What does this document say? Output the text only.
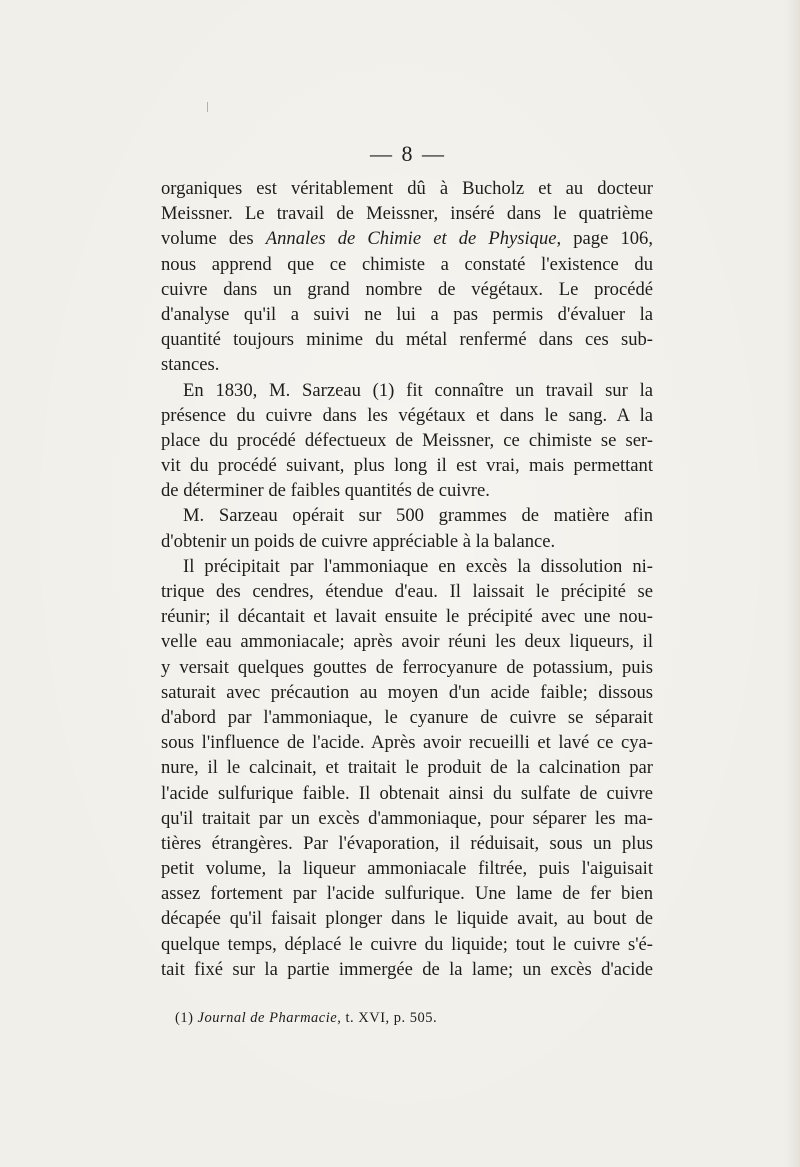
— 8 —
organiques est véritablement dû à Bucholz et au docteur
Meissner. Le travail de Meissner, inséré dans le quatrième
volume des Annales de Chimie et de Physique, page 106,
nous apprend que ce chimiste a constaté l'existence du
cuivre dans un grand nombre de végétaux. Le procédé
d'analyse qu'il a suivi ne lui a pas permis d'évaluer la
quantité toujours minime du métal renfermé dans ces sub-
stances.
En 1830, M. Sarzeau (1) fit connaître un travail sur la
présence du cuivre dans les végétaux et dans le sang. A la
place du procédé défectueux de Meissner, ce chimiste se ser-
vit du procédé suivant, plus long il est vrai, mais permettant
de déterminer de faibles quantités de cuivre.
M. Sarzeau opérait sur 500 grammes de matière afin
d'obtenir un poids de cuivre appréciable à la balance.
Il précipitait par l'ammoniaque en excès la dissolution ni-
trique des cendres, étendue d'eau. Il laissait le précipité se
réunir; il décantait et lavait ensuite le précipité avec une nou-
velle eau ammoniacale; après avoir réuni les deux liqueurs, il
y versait quelques gouttes de ferrocyanure de potassium, puis
saturait avec précaution au moyen d'un acide faible; dissous
d'abord par l'ammoniaque, le cyanure de cuivre se séparait
sous l'influence de l'acide. Après avoir recueilli et lavé ce cya-
nure, il le calcinait, et traitait le produit de la calcination par
l'acide sulfurique faible. Il obtenait ainsi du sulfate de cuivre
qu'il traitait par un excès d'ammoniaque, pour séparer les ma-
tières étrangères. Par l'évaporation, il réduisait, sous un plus
petit volume, la liqueur ammoniacale filtrée, puis l'aiguisait
assez fortement par l'acide sulfurique. Une lame de fer bien
décapée qu'il faisait plonger dans le liquide avait, au bout de
quelque temps, déplacé le cuivre du liquide; tout le cuivre s'é-
tait fixé sur la partie immergée de la lame; un excès d'acide
(1) Journal de Pharmacie, t. XVI, p. 505.
